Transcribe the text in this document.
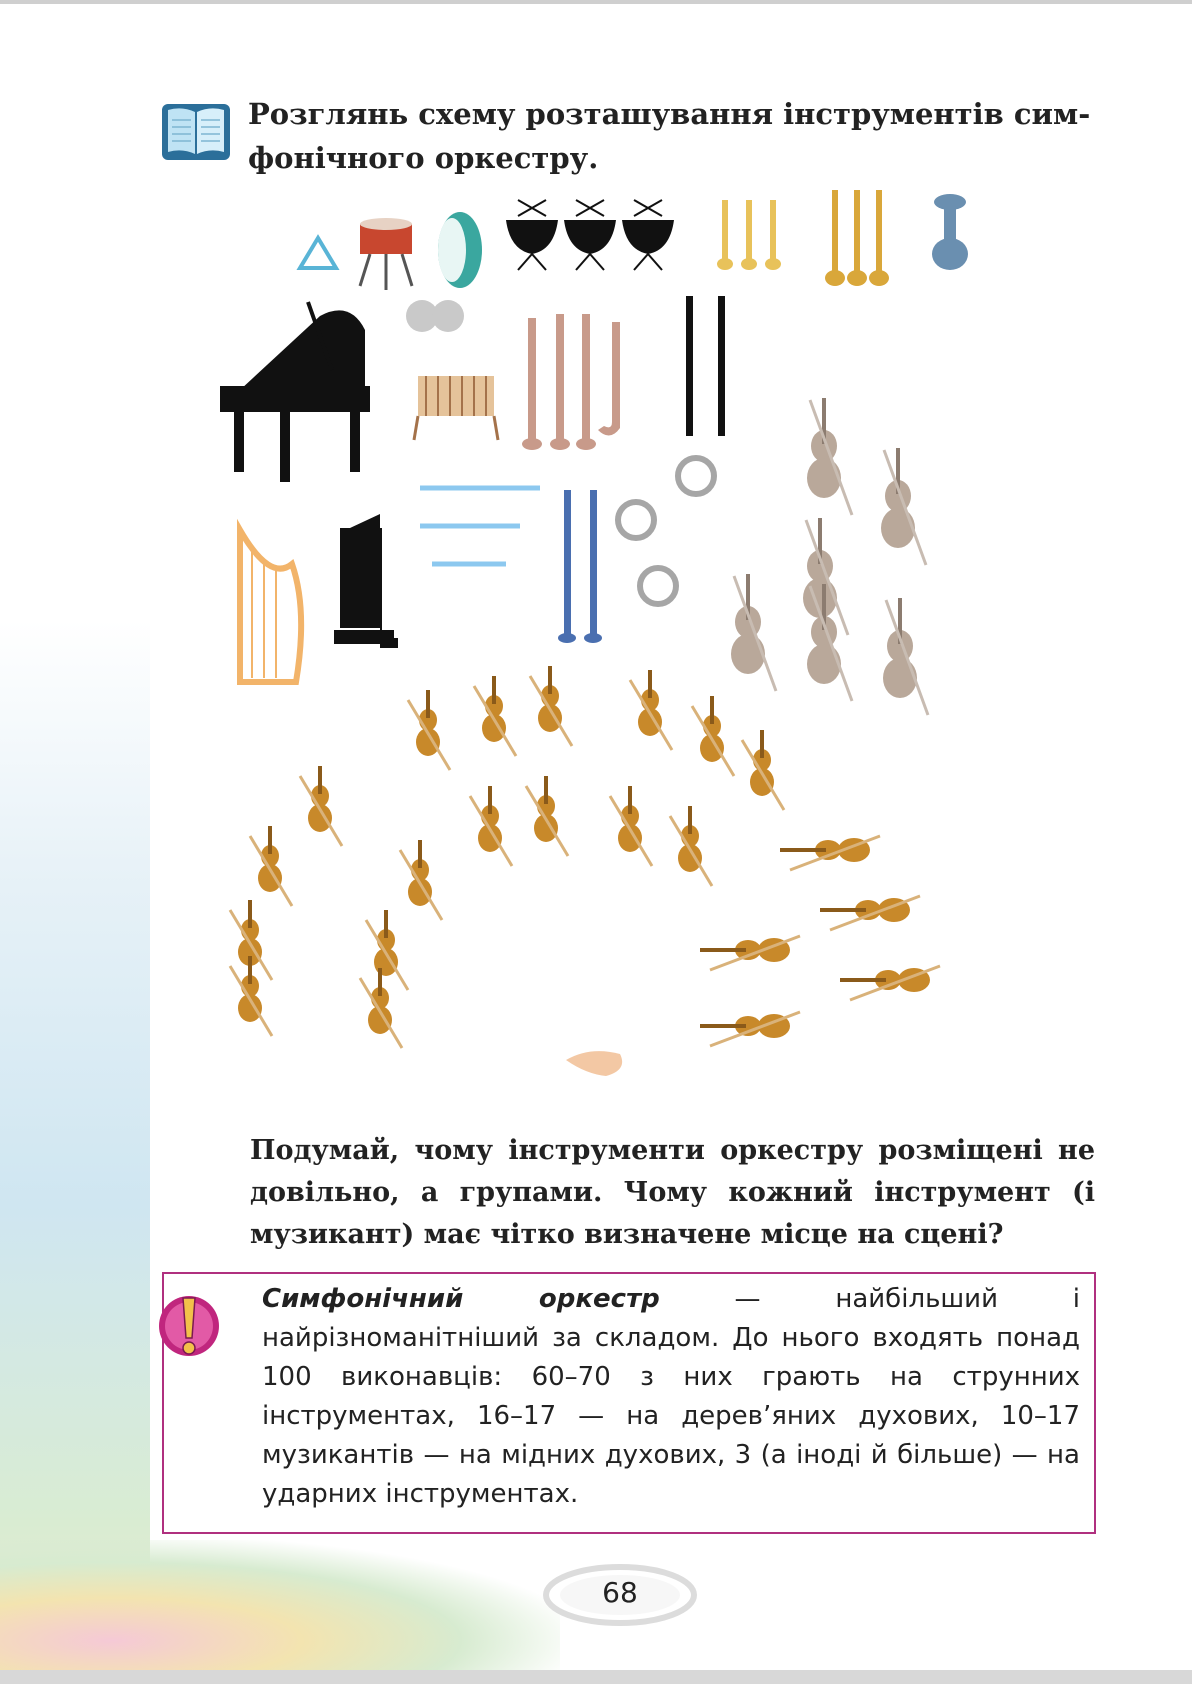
Розглянь схему розташування інструментів сим-фонічного оркестру.
Подумай, чому інструменти оркестру розміщені не довільно, а групами. Чому кожний інструмент (і музикант) має чітко визначене місце на сцені?
Симфонічний оркестр — найбільший і найрізноманітніший за складом. До нього входять понад 100 виконавців: 60–70 з них грають на струнних інструментах, 16–17 — на дерев’яних духових, 10–17 музикантів — на мідних духових, 3 (а іноді й більше) — на ударних інструментах.
68
